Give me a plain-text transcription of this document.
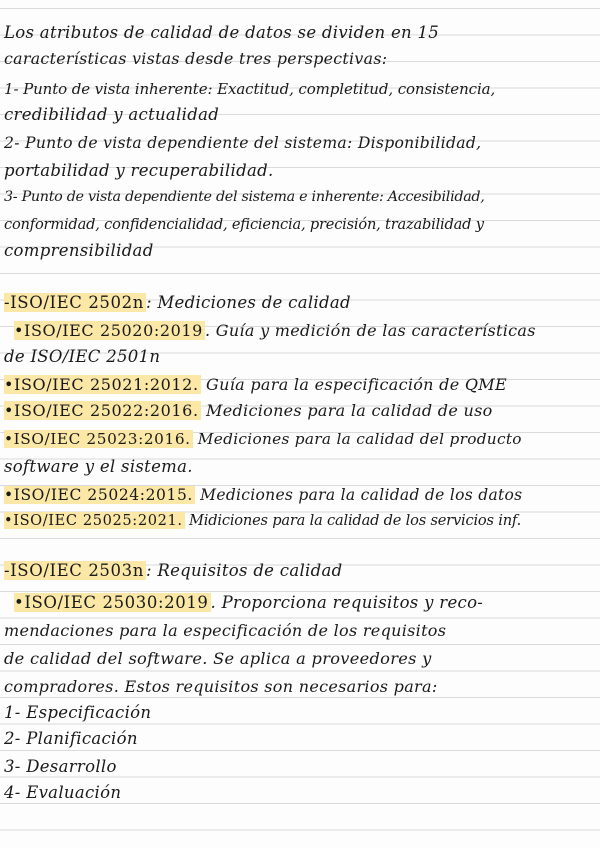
Los atributos de calidad de datos se dividen en 15
características vistas desde tres perspectivas:
1- Punto de vista inherente: Exactitud, completitud, consistencia,
credibilidad y actualidad
2- Punto de vista dependiente del sistema: Disponibilidad,
portabilidad y recuperabilidad.
3- Punto de vista dependiente del sistema e inherente: Accesibilidad,
conformidad, confidencialidad, eficiencia, precisión, trazabilidad y
comprensibilidad
-ISO/IEC 2502n : Mediciones de calidad
•ISO/IEC 25020:2019 . Guía y medición de las características
de ISO/IEC 2501n
•ISO/IEC 25021:2012. Guía para la especificación de QME
•ISO/IEC 25022:2016. Mediciones para la calidad de uso
•ISO/IEC 25023:2016. Mediciones para la calidad del producto
software y el sistema.
•ISO/IEC 25024:2015. Mediciones para la calidad de los datos
•ISO/IEC 25025:2021. Midiciones para la calidad de los servicios inf.
-ISO/IEC 2503n : Requisitos de calidad
•ISO/IEC 25030:2019 . Proporciona requisitos y reco-
mendaciones para la especificación de los requisitos
de calidad del software. Se aplica a proveedores y
compradores. Estos requisitos son necesarios para:
1- Especificación
2- Planificación
3- Desarrollo
4- Evaluación
